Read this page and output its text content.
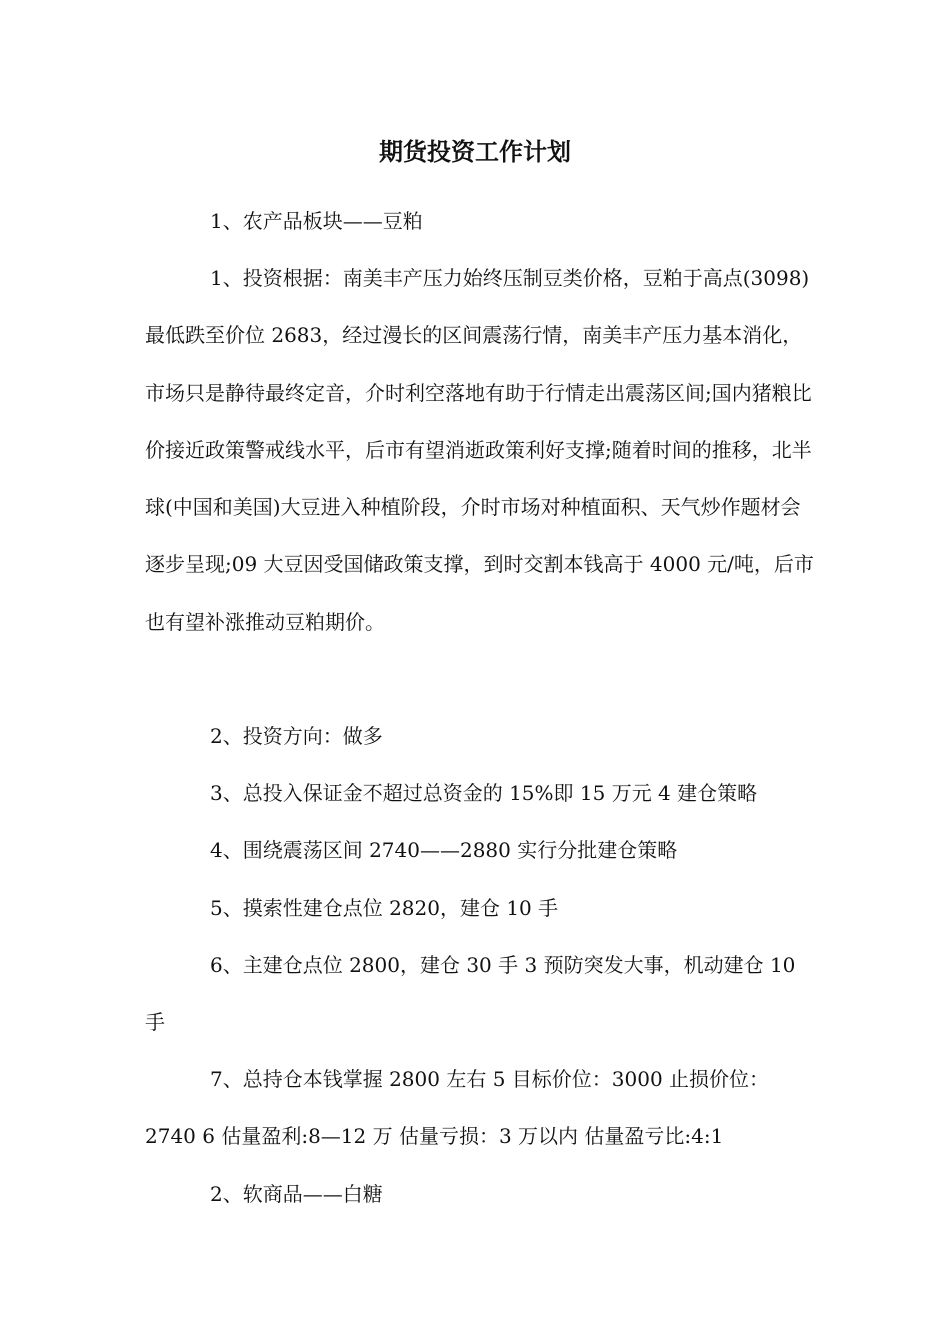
期货投资工作计划

1、农产品板块——豆粕

1、投资根据：南美丰产压力始终压制豆类价格，豆粕于高点(3098)最低跌至价位 2683，经过漫长的区间震荡行情，南美丰产压力基本消化，市场只是静待最终定音，介时利空落地有助于行情走出震荡区间;国内猪粮比价接近政策警戒线水平，后市有望消逝政策利好支撑;随着时间的推移，北半球(中国和美国)大豆进入种植阶段，介时市场对种植面积、天气炒作题材会逐步呈现;09 大豆因受国储政策支撑，到时交割本钱高于 4000 元/吨，后市也有望补涨推动豆粕期价。

2、投资方向：做多

3、总投入保证金不超过总资金的 15%即 15 万元 4 建仓策略

4、围绕震荡区间 2740——2880 实行分批建仓策略

5、摸索性建仓点位 2820，建仓 10 手

6、主建仓点位 2800，建仓 30 手 3 预防突发大事，机动建仓 10 手

7、总持仓本钱掌握 2800 左右 5 目标价位：3000 止损价位：2740 6 估量盈利:8—12 万 估量亏损：3 万以内 估量盈亏比:4:1

2、软商品——白糖
